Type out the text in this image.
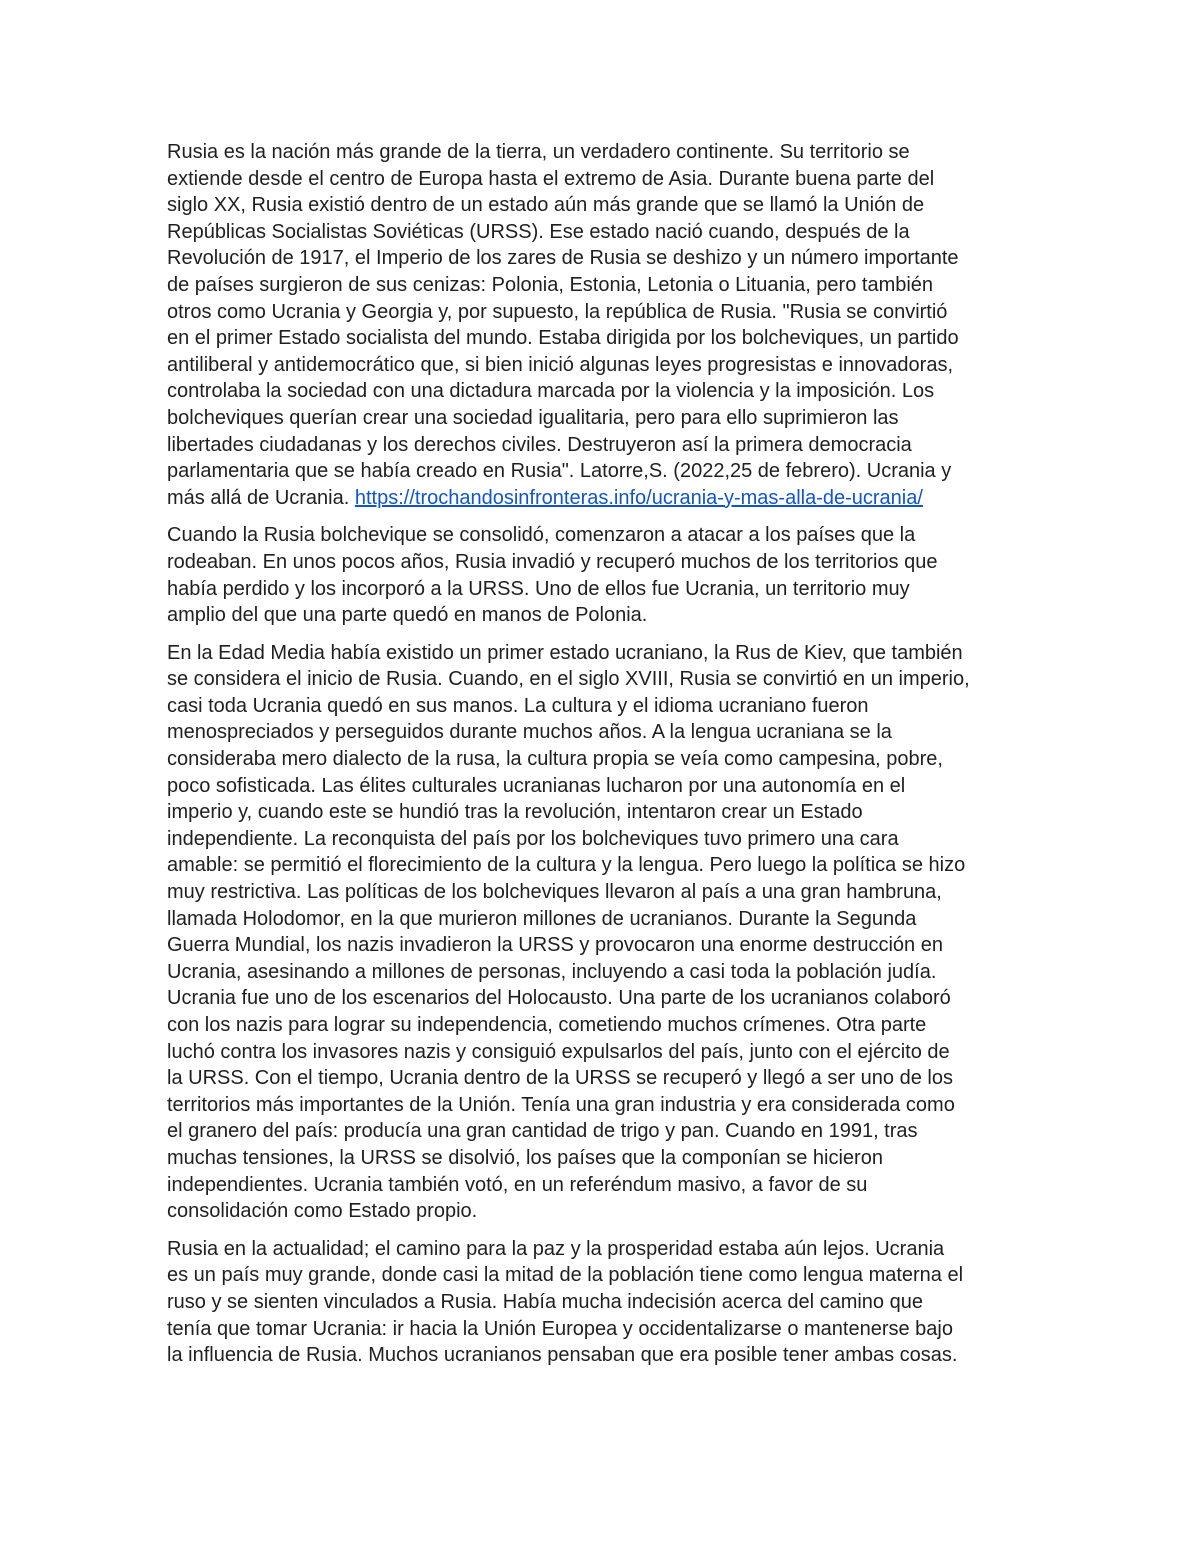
Rusia es la nación más grande de la tierra, un verdadero continente. Su territorio se
extiende desde el centro de Europa hasta el extremo de Asia. Durante buena parte del
siglo XX, Rusia existió dentro de un estado aún más grande que se llamó la Unión de
Repúblicas Socialistas Soviéticas (URSS). Ese estado nació cuando, después de la
Revolución de 1917, el Imperio de los zares de Rusia se deshizo y un número importante
de países surgieron de sus cenizas: Polonia, Estonia, Letonia o Lituania, pero también
otros como Ucrania y Georgia y, por supuesto, la república de Rusia. "Rusia se convirtió
en el primer Estado socialista del mundo. Estaba dirigida por los bolcheviques, un partido
antiliberal y antidemocrático que, si bien inició algunas leyes progresistas e innovadoras,
controlaba la sociedad con una dictadura marcada por la violencia y la imposición. Los
bolcheviques querían crear una sociedad igualitaria, pero para ello suprimieron las
libertades ciudadanas y los derechos civiles. Destruyeron así la primera democracia
parlamentaria que se había creado en Rusia". Latorre,S. (2022,25 de febrero). Ucrania y
más allá de Ucrania. https://trochandosinfronteras.info/ucrania-y-mas-alla-de-ucrania/

Cuando la Rusia bolchevique se consolidó, comenzaron a atacar a los países que la
rodeaban. En unos pocos años, Rusia invadió y recuperó muchos de los territorios que
había perdido y los incorporó a la URSS. Uno de ellos fue Ucrania, un territorio muy
amplio del que una parte quedó en manos de Polonia.

En la Edad Media había existido un primer estado ucraniano, la Rus de Kiev, que también
se considera el inicio de Rusia. Cuando, en el siglo XVIII, Rusia se convirtió en un imperio,
casi toda Ucrania quedó en sus manos. La cultura y el idioma ucraniano fueron
menospreciados y perseguidos durante muchos años. A la lengua ucraniana se la
consideraba mero dialecto de la rusa, la cultura propia se veía como campesina, pobre,
poco sofisticada. Las élites culturales ucranianas lucharon por una autonomía en el
imperio y, cuando este se hundió tras la revolución, intentaron crear un Estado
independiente. La reconquista del país por los bolcheviques tuvo primero una cara
amable: se permitió el florecimiento de la cultura y la lengua. Pero luego la política se hizo
muy restrictiva. Las políticas de los bolcheviques llevaron al país a una gran hambruna,
llamada Holodomor, en la que murieron millones de ucranianos. Durante la Segunda
Guerra Mundial, los nazis invadieron la URSS y provocaron una enorme destrucción en
Ucrania, asesinando a millones de personas, incluyendo a casi toda la población judía.
Ucrania fue uno de los escenarios del Holocausto. Una parte de los ucranianos colaboró
con los nazis para lograr su independencia, cometiendo muchos crímenes. Otra parte
luchó contra los invasores nazis y consiguió expulsarlos del país, junto con el ejército de
la URSS. Con el tiempo, Ucrania dentro de la URSS se recuperó y llegó a ser uno de los
territorios más importantes de la Unión. Tenía una gran industria y era considerada como
el granero del país: producía una gran cantidad de trigo y pan. Cuando en 1991, tras
muchas tensiones, la URSS se disolvió, los países que la componían se hicieron
independientes. Ucrania también votó, en un referéndum masivo, a favor de su
consolidación como Estado propio.

Rusia en la actualidad; el camino para la paz y la prosperidad estaba aún lejos. Ucrania
es un país muy grande, donde casi la mitad de la población tiene como lengua materna el
ruso y se sienten vinculados a Rusia. Había mucha indecisión acerca del camino que
tenía que tomar Ucrania: ir hacia la Unión Europea y occidentalizarse o mantenerse bajo
la influencia de Rusia. Muchos ucranianos pensaban que era posible tener ambas cosas.
